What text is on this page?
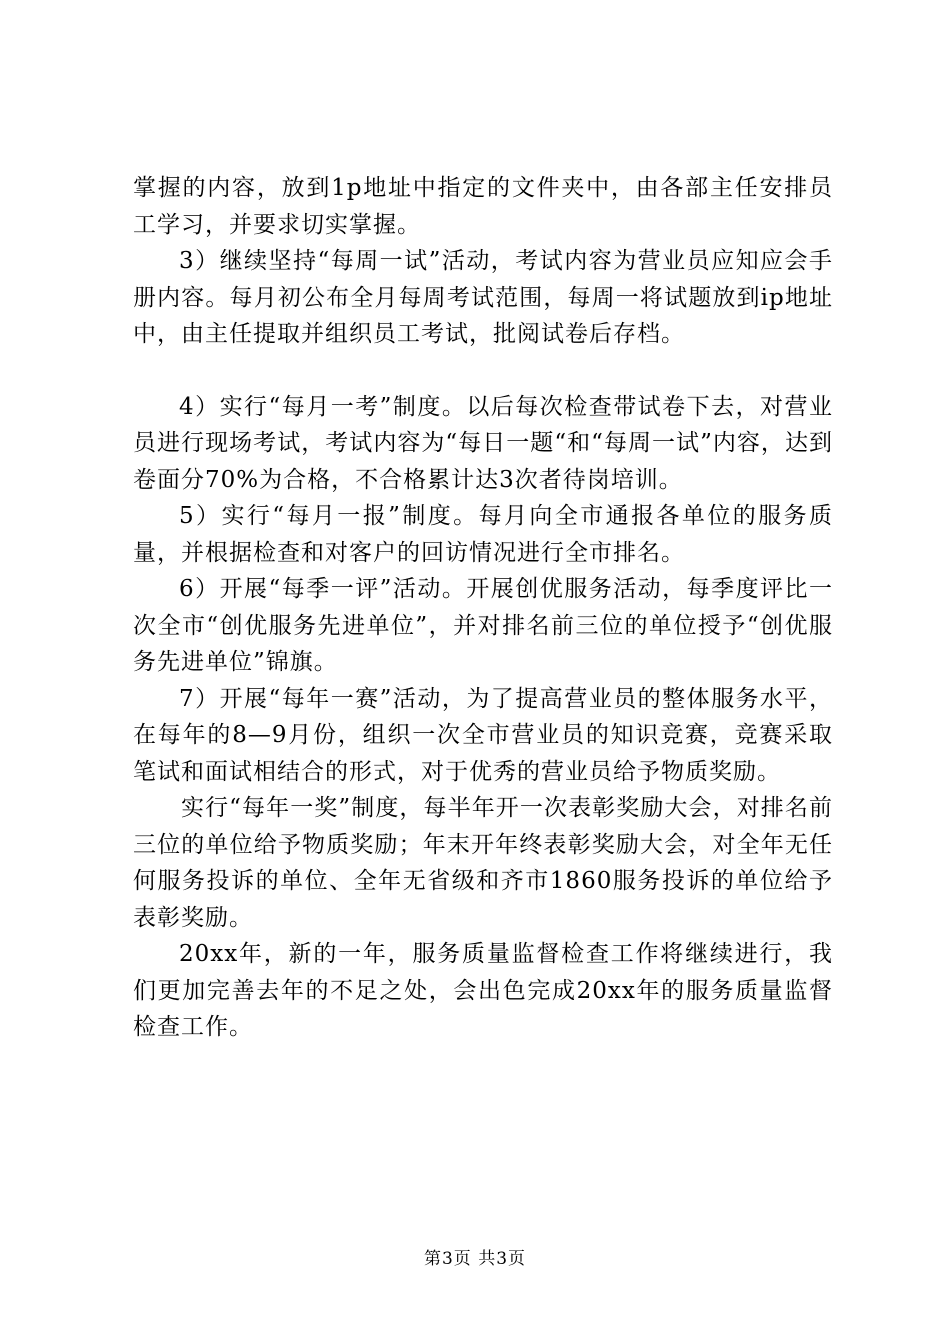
掌握的内容，放到1p地址中指定的文件夹中，由各部主任安排员工学习，并要求切实掌握。

3）继续坚持“每周一试”活动，考试内容为营业员应知应会手册内容。每月初公布全月每周考试范围，每周一将试题放到ip地址中，由主任提取并组织员工考试，批阅试卷后存档。

4）实行“每月一考”制度。以后每次检查带试卷下去，对营业员进行现场考试，考试内容为“每日一题“和“每周一试”内容，达到卷面分70%为合格，不合格累计达3次者待岗培训。

5）实行“每月一报”制度。每月向全市通报各单位的服务质量，并根据检查和对客户的回访情况进行全市排名。

6）开展“每季一评”活动。开展创优服务活动，每季度评比一次全市“创优服务先进单位”，并对排名前三位的单位授予“创优服务先进单位”锦旗。

7）开展“每年一赛”活动，为了提高营业员的整体服务水平，在每年的8—9月份，组织一次全市营业员的知识竞赛，竞赛采取笔试和面试相结合的形式，对于优秀的营业员给予物质奖励。

实行“每年一奖”制度，每半年开一次表彰奖励大会，对排名前三位的单位给予物质奖励；年末开年终表彰奖励大会，对全年无任何服务投诉的单位、全年无省级和齐市1860服务投诉的单位给予表彰奖励。

20xx年，新的一年，服务质量监督检查工作将继续进行，我们更加完善去年的不足之处，会出色完成20xx年的服务质量监督检查工作。

第3页 共3页
